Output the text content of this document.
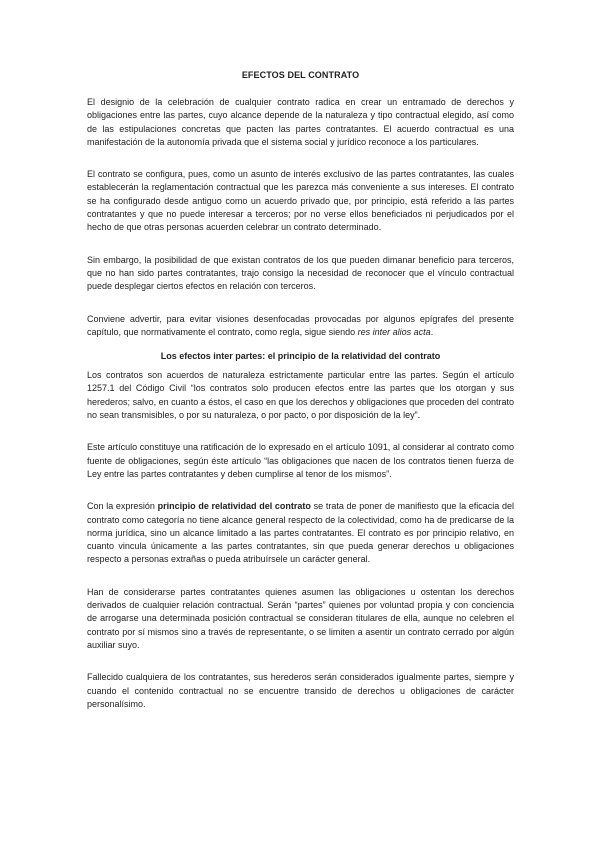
EFECTOS DEL CONTRATO

El designio de la celebración de cualquier contrato radica en crear un entramado de derechos y obligaciones entre las partes, cuyo alcance depende de la naturaleza y tipo contractual elegido, así como de las estipulaciones concretas que pacten las partes contratantes. El acuerdo contractual es una manifestación de la autonomía privada que el sistema social y jurídico reconoce a los particulares.

El contrato se configura, pues, como un asunto de interés exclusivo de las partes contratantes, las cuales establecerán la reglamentación contractual que les parezca más conveniente a sus intereses. El contrato se ha configurado desde antiguo como un acuerdo privado que, por principio, está referido a las partes contratantes y que no puede interesar a terceros; por no verse ellos beneficiados ni perjudicados por el hecho de que otras personas acuerden celebrar un contrato determinado.

Sin embargo, la posibilidad de que existan contratos de los que pueden dimanar beneficio para terceros, que no han sido partes contratantes, trajo consigo la necesidad de reconocer que el vínculo contractual puede desplegar ciertos efectos en relación con terceros.

Conviene advertir, para evitar visiones desenfocadas provocadas por algunos epígrafes del presente capítulo, que normativamente el contrato, como regla, sigue siendo res inter alios acta.

Los efectos inter partes: el principio de la relatividad del contrato

Los contratos son acuerdos de naturaleza estrictamente particular entre las partes. Según el artículo 1257.1 del Código Civil “los contratos solo producen efectos entre las partes que los otorgan y sus herederos; salvo, en cuanto a éstos, el caso en que los derechos y obligaciones que proceden del contrato no sean transmisibles, o por su naturaleza, o por pacto, o por disposición de la ley”.

Este artículo constituye una ratificación de lo expresado en el artículo 1091, al considerar al contrato como fuente de obligaciones, según éste artículo “las obligaciones que nacen de los contratos tienen fuerza de Ley entre las partes contratantes y deben cumplirse al tenor de los mismos”.

Con la expresión principio de relatividad del contrato se trata de poner de manifiesto que la eficacia del contrato como categoría no tiene alcance general respecto de la colectividad, como ha de predicarse de la norma jurídica, sino un alcance limitado a las partes contratantes. El contrato es por principio relativo, en cuanto vincula únicamente a las partes contratantes, sin que pueda generar derechos u obligaciones respecto a personas extrañas o pueda atribuírsele un carácter general.

Han de considerarse partes contratantes quienes asumen las obligaciones u ostentan los derechos derivados de cualquier relación contractual. Serán “partes” quienes por voluntad propia y con conciencia de arrogarse una determinada posición contractual se consideran titulares de ella, aunque no celebren el contrato por sí mismos sino a través de representante, o se limiten a asentir un contrato cerrado por algún auxiliar suyo.

Fallecido cualquiera de los contratantes, sus herederos serán considerados igualmente partes, siempre y cuando el contenido contractual no se encuentre transido de derechos u obligaciones de carácter personalísimo.
